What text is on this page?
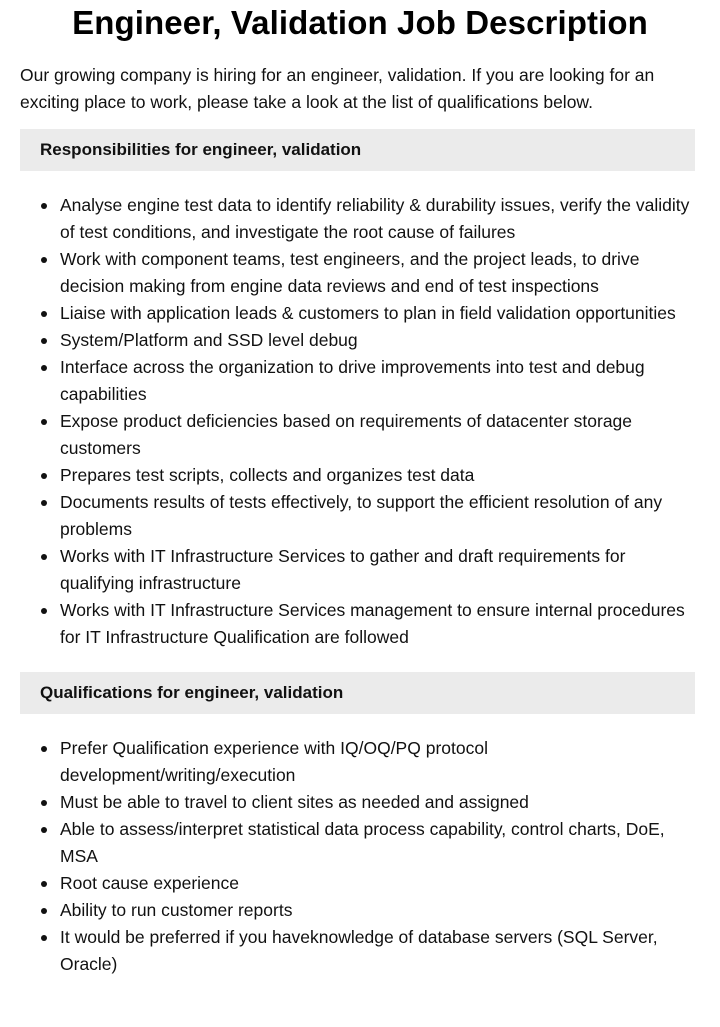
Engineer, Validation Job Description

Our growing company is hiring for an engineer, validation. If you are looking for an exciting place to work, please take a look at the list of qualifications below.

Responsibilities for engineer, validation
Analyse engine test data to identify reliability & durability issues, verify the validity of test conditions, and investigate the root cause of failures
Work with component teams, test engineers, and the project leads, to drive decision making from engine data reviews and end of test inspections
Liaise with application leads & customers to plan in field validation opportunities
System/Platform and SSD level debug
Interface across the organization to drive improvements into test and debug capabilities
Expose product deficiencies based on requirements of datacenter storage customers
Prepares test scripts, collects and organizes test data
Documents results of tests effectively, to support the efficient resolution of any problems
Works with IT Infrastructure Services to gather and draft requirements for qualifying infrastructure
Works with IT Infrastructure Services management to ensure internal procedures for IT Infrastructure Qualification are followed
Qualifications for engineer, validation
Prefer Qualification experience with IQ/OQ/PQ protocol development/writing/execution
Must be able to travel to client sites as needed and assigned
Able to assess/interpret statistical data process capability, control charts, DoE, MSA
Root cause experience
Ability to run customer reports
It would be preferred if you haveknowledge of database servers (SQL Server, Oracle)
